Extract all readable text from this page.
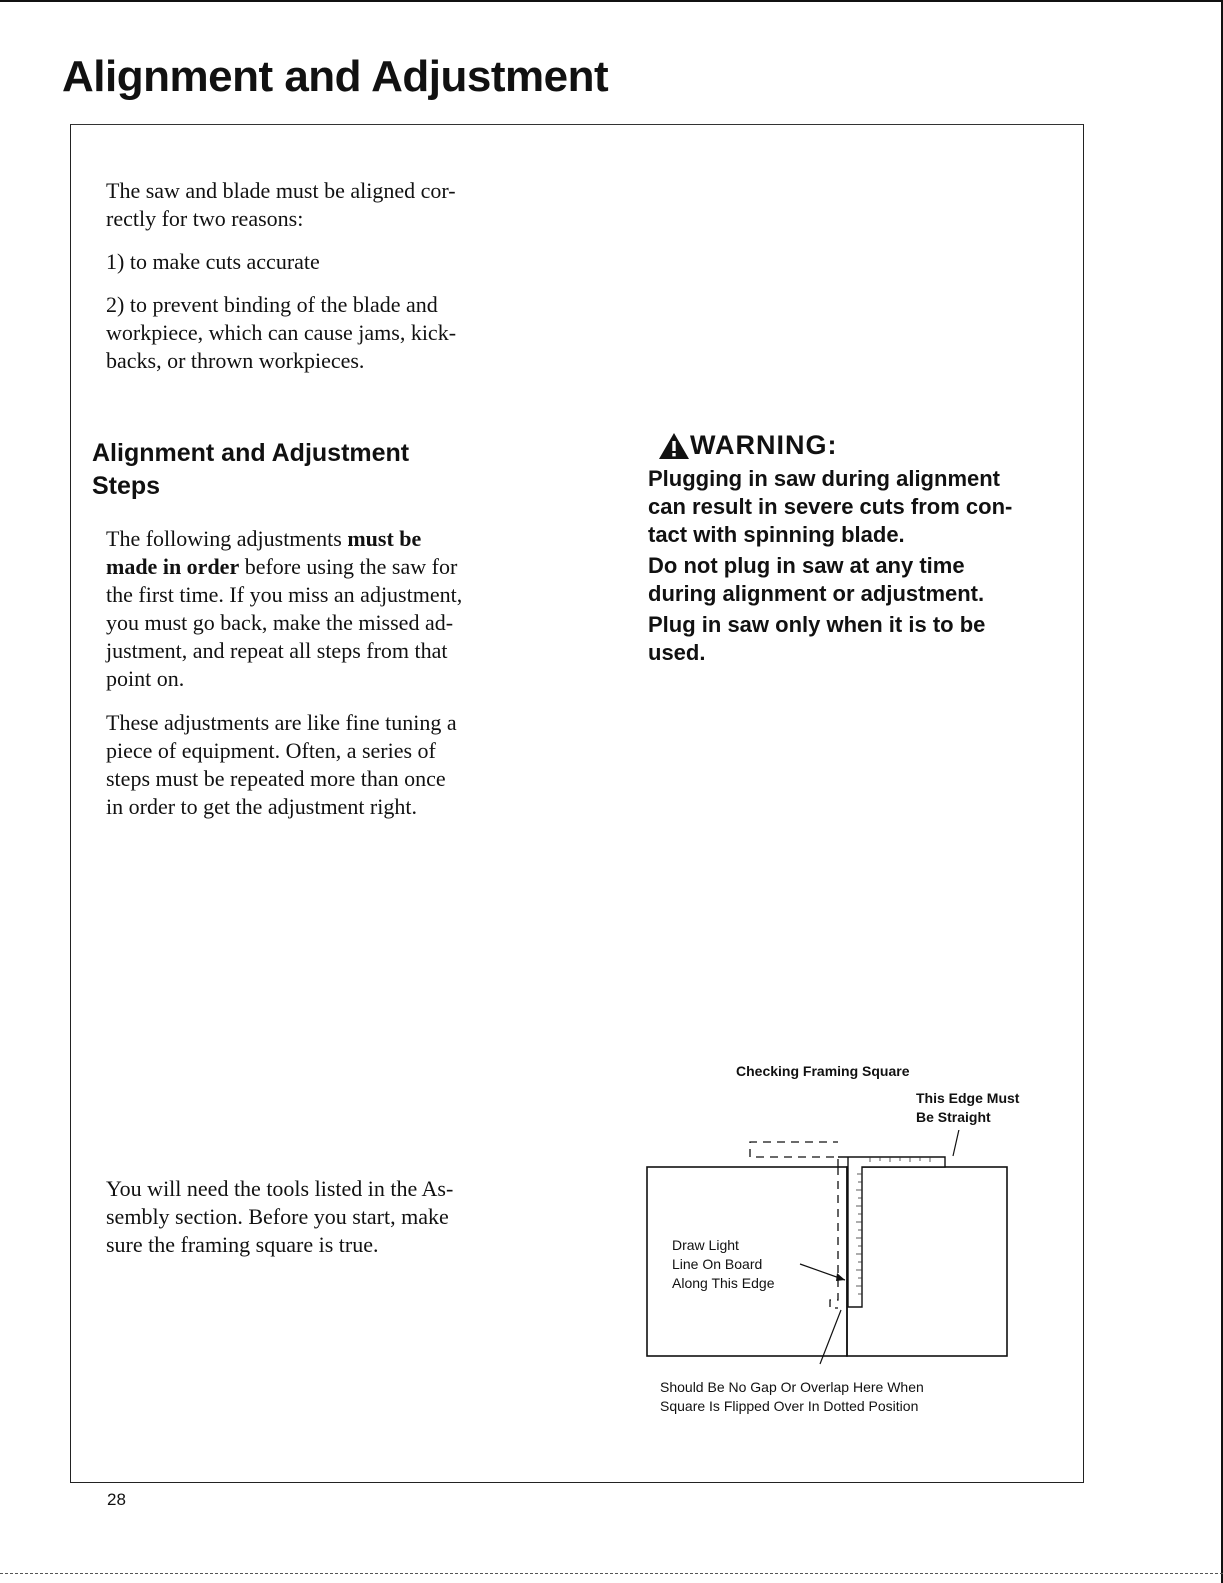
Alignment and Adjustment

The saw and blade must be aligned cor-

rectly for two reasons:

1) to make cuts accurate

2) to prevent binding of the blade and

workpiece, which can cause jams, kick-

backs, or thrown workpieces.

Alignment and Adjustment
Steps

The following adjustments must be

made in order before using the saw for

the first time. If you miss an adjustment,

you must go back, make the missed ad-

justment, and repeat all steps from that

point on.

These adjustments are like fine tuning a

piece of equipment. Often, a series of

steps must be repeated more than once

in order to get the adjustment right.

You will need the tools listed in the As-

sembly section. Before you start, make

sure the framing square is true.

WARNING:

Plugging in saw during alignment

can result in severe cuts from con-

tact with spinning blade.

Do not plug in saw at any time

during alignment or adjustment.

Plug in saw only when it is to be

used.

Checking Framing Square
This Edge Must
Be Straight
Draw Light
Line On Board
Along This Edge
Should Be No Gap Or Overlap Here When
Square Is Flipped Over In Dotted Position
28
